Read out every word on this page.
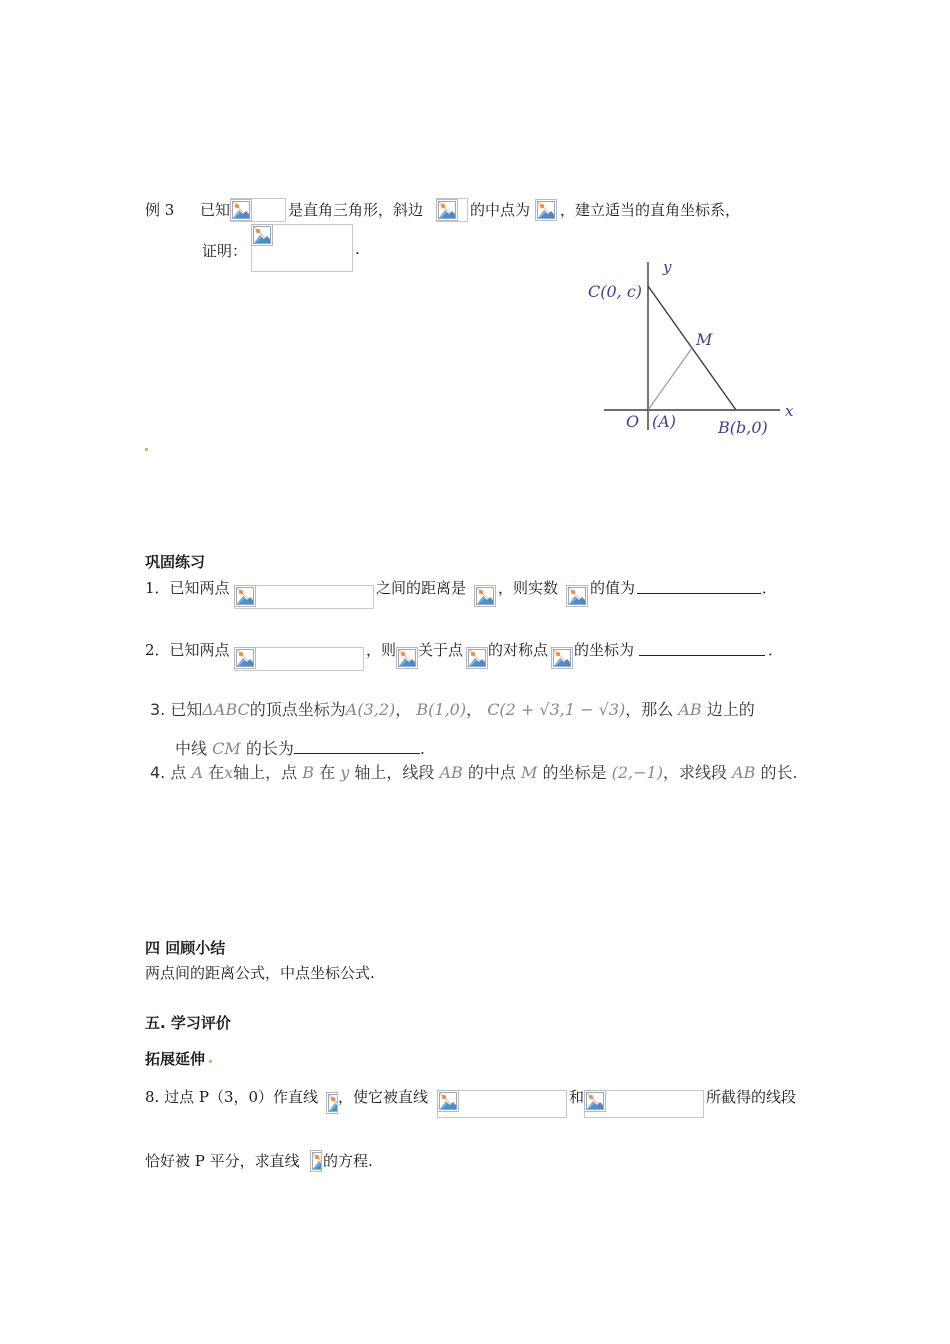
例 3 已知	是直角三角形，斜边	的中点为 ，建立适当的直角坐标系，
证明：	.
y
x
C(0, c)
M
O (A)	B(b,0)
巩固练习
1．已知两点	之间的距离是 ，则实数 的值为	．
2．已知两点	，则 关于点 的对称点 的坐标为	．
3. 已知ΔABC的顶点坐标为A(3,2)， B(1,0)， C(2 + √3,1 − √3)，那么 AB 边上的
中线 CM 的长为	.
4. 点 A 在x轴上，点 B 在 y 轴上，线段 AB 的中点 M 的坐标是 (2,−1)，求线段 AB 的长.
四 回顾小结
两点间的距离公式，中点坐标公式.
五. 学习评价
拓展延伸
8. 过点 P（3，0）作直线 ，使它被直线	和	所截得的线段
恰好被 P 平分，求直线 的方程.
